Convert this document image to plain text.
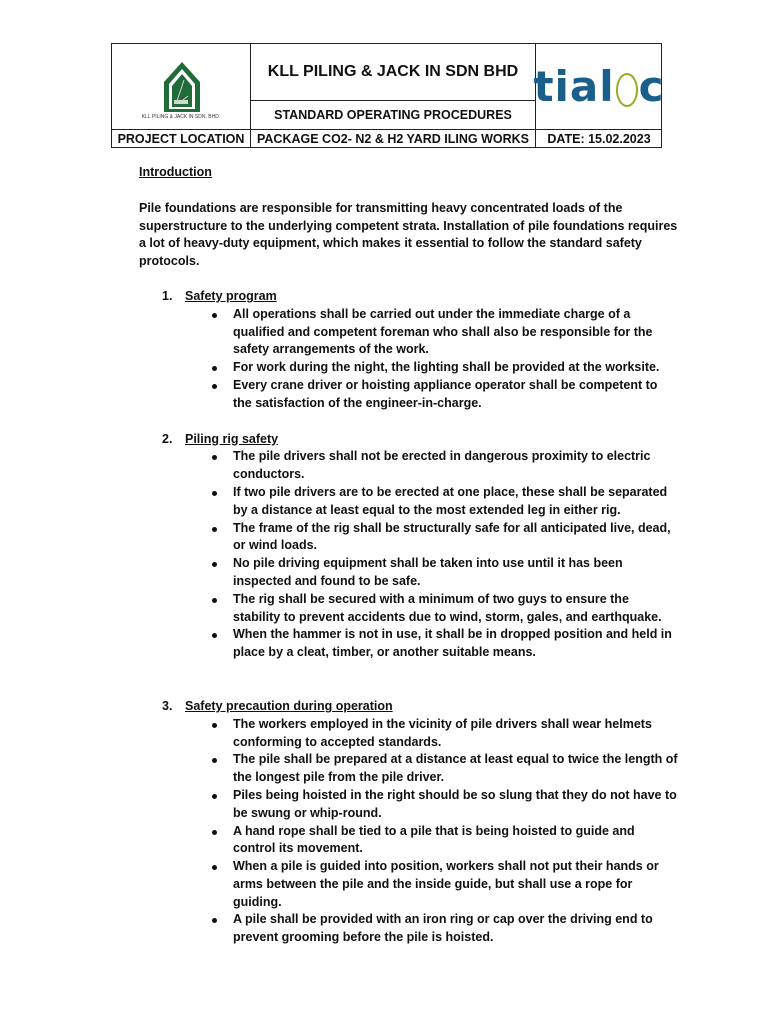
KLL PILING & JACK IN SDN. BHD.
KLL PILING & JACK IN SDN BHD
STANDARD OPERATING PROCEDURES
tial c
PROJECT LOCATION	PACKAGE CO2- N2 & H2 YARD ILING WORKS	DATE: 15.02.2023
Introduction
Pile foundations are responsible for transmitting heavy concentrated loads of the superstructure to the underlying competent strata. Installation of pile foundations requires a lot of heavy-duty equipment, which makes it essential to follow the standard safety protocols.
1. Safety program
All operations shall be carried out under the immediate charge of a qualified and competent foreman who shall also be responsible for the safety arrangements of the work.
For work during the night, the lighting shall be provided at the worksite.
Every crane driver or hoisting appliance operator shall be competent to the satisfaction of the engineer-in-charge.
2. Piling rig safety
The pile drivers shall not be erected in dangerous proximity to electric conductors.
If two pile drivers are to be erected at one place, these shall be separated by a distance at least equal to the most extended leg in either rig.
The frame of the rig shall be structurally safe for all anticipated live, dead, or wind loads.
No pile driving equipment shall be taken into use until it has been inspected and found to be safe.
The rig shall be secured with a minimum of two guys to ensure the stability to prevent accidents due to wind, storm, gales, and earthquake.
When the hammer is not in use, it shall be in dropped position and held in place by a cleat, timber, or another suitable means.
3. Safety precaution during operation
The workers employed in the vicinity of pile drivers shall wear helmets conforming to accepted standards.
The pile shall be prepared at a distance at least equal to twice the length of the longest pile from the pile driver.
Piles being hoisted in the right should be so slung that they do not have to be swung or whip-round.
A hand rope shall be tied to a pile that is being hoisted to guide and control its movement.
When a pile is guided into position, workers shall not put their hands or arms between the pile and the inside guide, but shall use a rope for guiding.
A pile shall be provided with an iron ring or cap over the driving end to prevent grooming before the pile is hoisted.
